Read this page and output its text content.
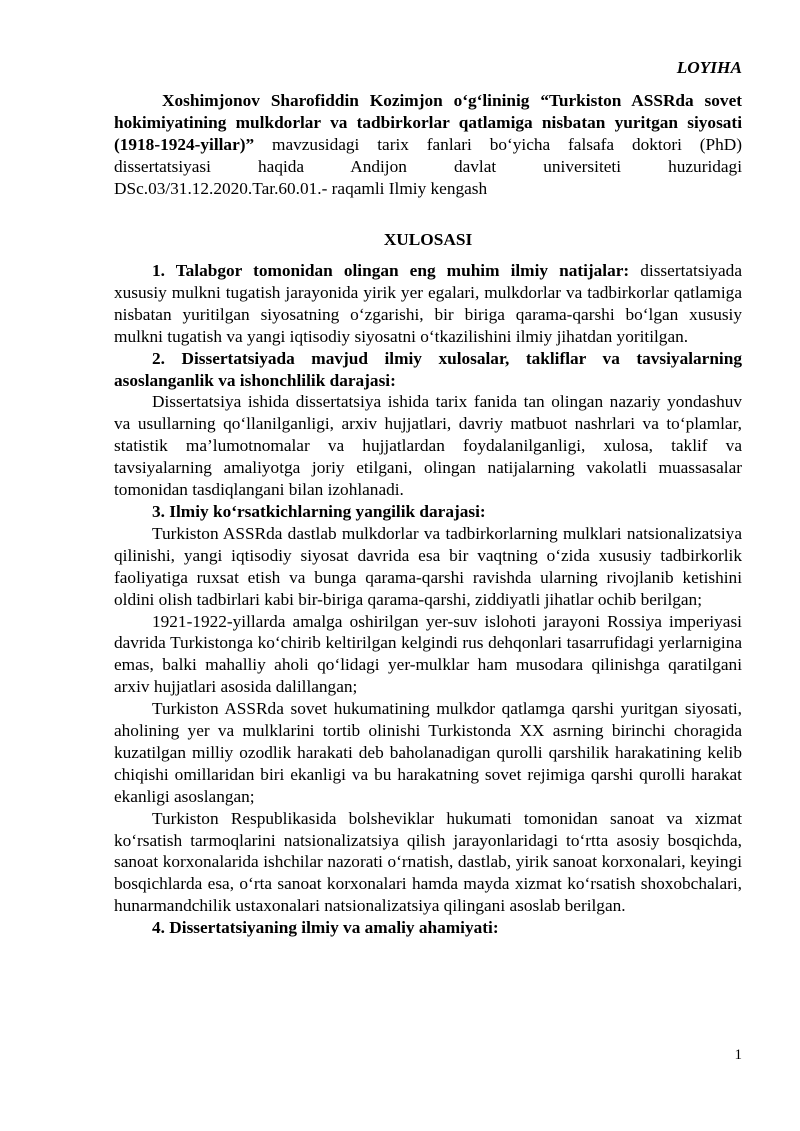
LOYIHA
Xoshimjonov Sharofiddin Kozimjon o‘g‘lininig “Turkiston ASSRda sovet hokimiyatining mulkdorlar va tadbirkorlar qatlamiga nisbatan yuritgan siyosati (1918-1924-yillar)” mavzusidagi tarix fanlari bo‘yicha falsafa doktori (PhD) dissertatsiyasi haqida Andijon davlat universiteti huzuridagi DSc.03/31.12.2020.Tar.60.01.- raqamli Ilmiy kengash
XULOSASI

1. Talabgor tomonidan olingan eng muhim ilmiy natijalar: dissertatsiyada xususiy mulkni tugatish jarayonida yirik yer egalari, mulkdorlar va tadbirkorlar qatlamiga nisbatan yuritilgan siyosatning o‘zgarishi, bir biriga qarama-qarshi bo‘lgan xususiy mulkni tugatish va yangi iqtisodiy siyosatni o‘tkazilishini ilmiy jihatdan yoritilgan.

2. Dissertatsiyada mavjud ilmiy xulosalar, takliflar va tavsiyalarning asoslanganlik va ishonchlilik darajasi:

Dissertatsiya ishida dissertatsiya ishida tarix fanida tan olingan nazariy yondashuv va usullarning qo‘llanilganligi, arxiv hujjatlari, davriy matbuot nashrlari va to‘plamlar, statistik ma’lumotnomalar va hujjatlardan foydalanilganligi, xulosa, taklif va tavsiyalarning amaliyotga joriy etilgani, olingan natijalarning vakolatli muassasalar tomonidan tasdiqlangani bilan izohlanadi.

3. Ilmiy ko‘rsatkichlarning yangilik darajasi:

Turkiston ASSRda dastlab mulkdorlar va tadbirkorlarning mulklari natsionalizatsiya qilinishi, yangi iqtisodiy siyosat davrida esa bir vaqtning o‘zida xususiy tadbirkorlik faoliyatiga ruxsat etish va bunga qarama-qarshi ravishda ularning rivojlanib ketishini oldini olish tadbirlari kabi bir-biriga qarama-qarshi, ziddiyatli jihatlar ochib berilgan;

1921-1922-yillarda amalga oshirilgan yer-suv islohoti jarayoni Rossiya imperiyasi davrida Turkistonga ko‘chirib keltirilgan kelgindi rus dehqonlari tasarrufidagi yerlarnigina emas, balki mahalliy aholi qo‘lidagi yer-mulklar ham musodara qilinishga qaratilgani arxiv hujjatlari asosida dalillangan;

Turkiston ASSRda sovet hukumatining mulkdor qatlamga qarshi yuritgan siyosati, aholining yer va mulklarini tortib olinishi Turkistonda XX asrning birinchi choragida kuzatilgan milliy ozodlik harakati deb baholanadigan qurolli qarshilik harakatining kelib chiqishi omillaridan biri ekanligi va bu harakatning sovet rejimiga qarshi qurolli harakat ekanligi asoslangan;

Turkiston Respublikasida bolsheviklar hukumati tomonidan sanoat va xizmat ko‘rsatish tarmoqlarini natsionalizatsiya qilish jarayonlaridagi to‘rtta asosiy bosqichda, sanoat korxonalarida ishchilar nazorati o‘rnatish, dastlab, yirik sanoat korxonalari, keyingi bosqichlarda esa, o‘rta sanoat korxonalari hamda mayda xizmat ko‘rsatish shoxobchalari, hunarmandchilik ustaxonalari natsionalizatsiya qilingani asoslab berilgan.

4. Dissertatsiyaning ilmiy va amaliy ahamiyati:

1
